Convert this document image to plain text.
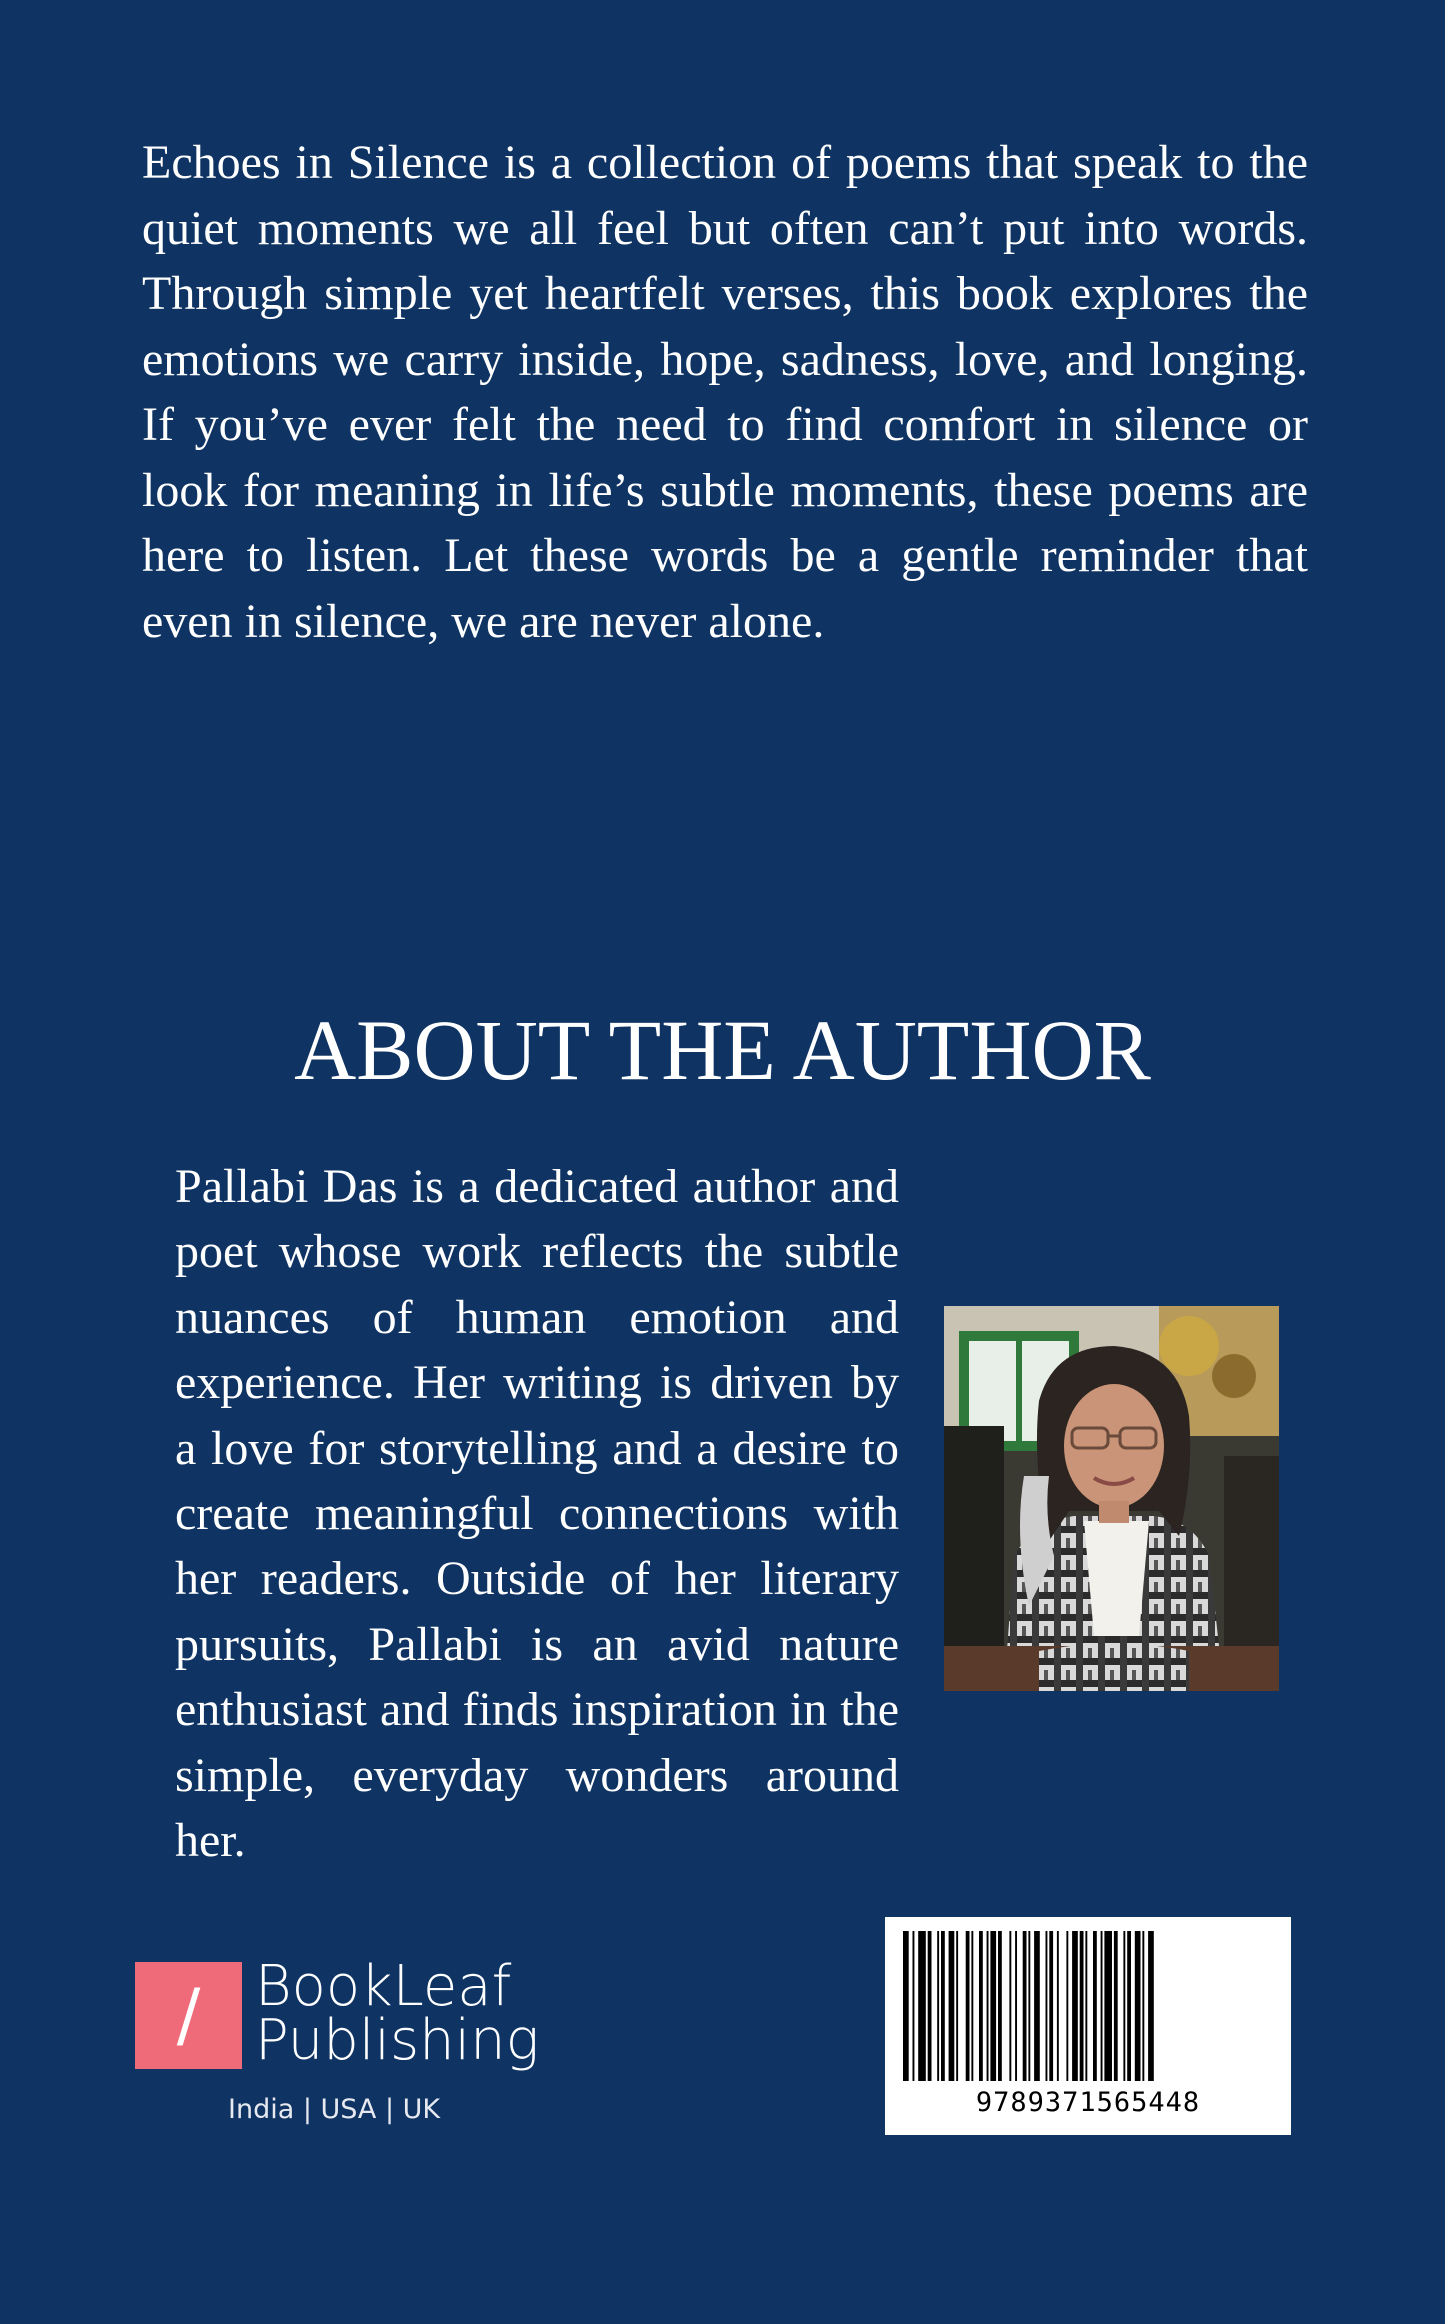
Echoes in Silence is a collection of poems that speak to the quiet moments we all feel but often can’t put into words. Through simple yet heartfelt verses, this book explores the emotions we carry inside, hope, sadness, love, and longing. If you’ve ever felt the need to find comfort in silence or look for meaning in life’s subtle moments, these poems are here to listen. Let these words be a gentle reminder that even in silence, we are never alone.

ABOUT THE AUTHOR

Pallabi Das is a dedicated author and poet whose work reflects the subtle nuances of human emotion and experience. Her writing is driven by a love for storytelling and a desire to create meaningful connections with her readers. Outside of her literary pursuits, Pallabi is an avid nature enthusiast and finds inspiration in the simple, everyday wonders around her.

/ BookLeaf
Publishing
India | USA | UK	9789371565448
